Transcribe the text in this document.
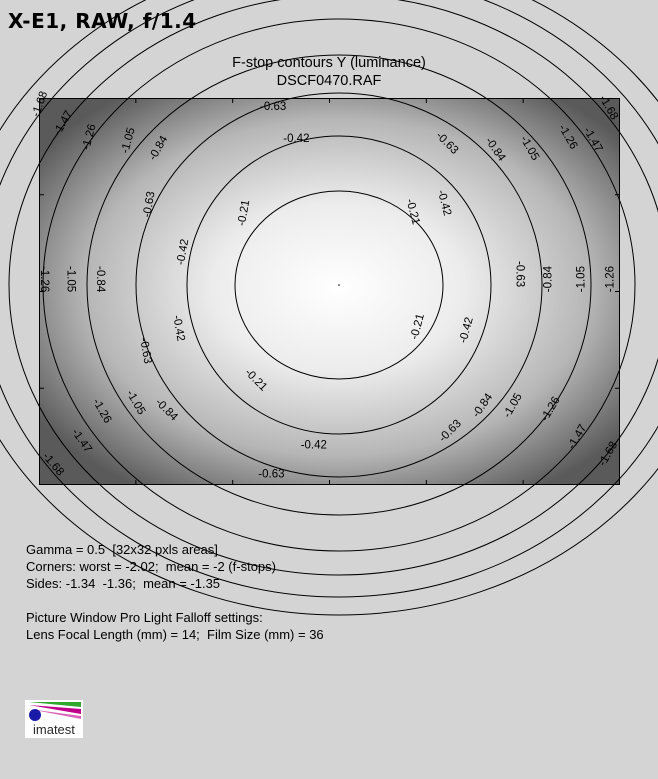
X-E1, RAW, f/1.4
F-stop contours Y (luminance)
DSCF0470.RAF
-0.21	-0.21
-0.21
-0.21
-0.42
-0.42
-0.42
-0.42	-0.42
-0.42
-0.63
-0.63
-0.63
-0.63
-0.63
-0.63
-0.63
-0.84	-0.84
-0.84	-0.84
-0.84	-0.84
-1.05	-1.05
-1.05	-1.05
-1.05	-1.05
-1.26	-1.26
-1.26	-1.26
-1.26	-1.26
-1.47
-1.47
-1.47	-1.47
-1.68	-1.68
-1.68	-1.68
Gamma = 0.5  [32x32 pxls areas]
Corners: worst = -2.02;  mean = -2 (f-stops)
Sides: -1.34  -1.36;  mean = -1.35
Picture Window Pro Light Falloff settings:
Lens Focal Length (mm) = 14;  Film Size (mm) = 36
imatest
